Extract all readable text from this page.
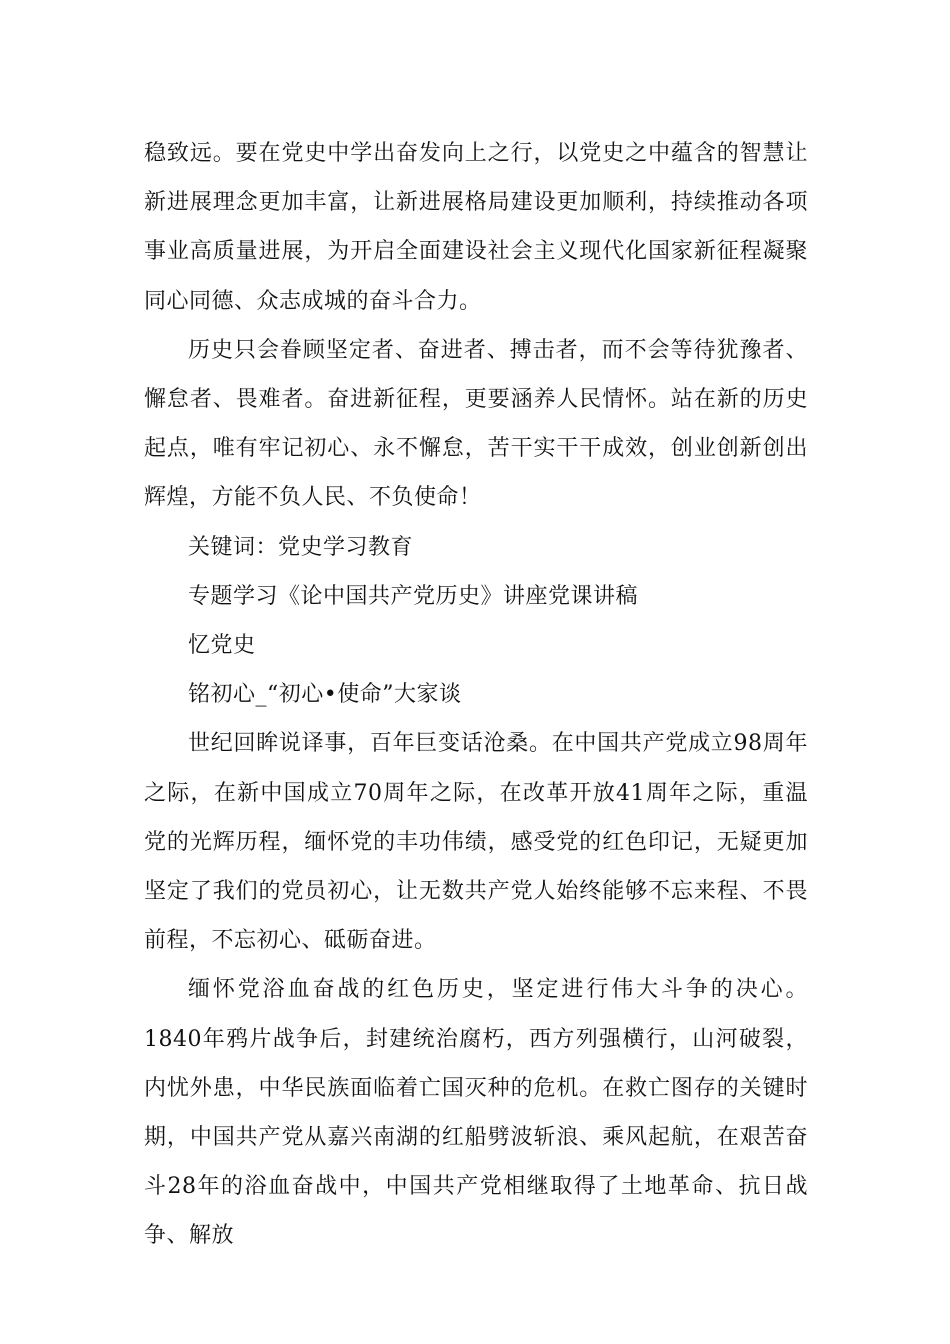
稳致远。要在党史中学出奋发向上之行，以党史之中蕴含的智慧让新进展理念更加丰富，让新进展格局建设更加顺利，持续推动各项事业高质量进展，为开启全面建设社会主义现代化国家新征程凝聚同心同德、众志成城的奋斗合力。

历史只会眷顾坚定者、奋进者、搏击者，而不会等待犹豫者、懈怠者、畏难者。奋进新征程，更要涵养人民情怀。站在新的历史起点，唯有牢记初心、永不懈怠，苦干实干干成效，创业创新创出辉煌，方能不负人民、不负使命！

关键词：党史学习教育

专题学习《论中国共产党历史》讲座党课讲稿

忆党史

铭初心_“初心•使命”大家谈

世纪回眸说译事，百年巨变话沧桑。在中国共产党成立98周年之际，在新中国成立70周年之际，在改革开放41周年之际，重温党的光辉历程，缅怀党的丰功伟绩，感受党的红色印记，无疑更加坚定了我们的党员初心，让无数共产党人始终能够不忘来程、不畏前程，不忘初心、砥砺奋进。

缅怀党浴血奋战的红色历史，坚定进行伟大斗争的决心。1840年鸦片战争后，封建统治腐朽，西方列强横行，山河破裂，内忧外患，中华民族面临着亡国灭种的危机。在救亡图存的关键时期，中国共产党从嘉兴南湖的红船劈波斩浪、乘风起航，在艰苦奋斗28年的浴血奋战中，中国共产党相继取得了土地革命、抗日战争、解放
